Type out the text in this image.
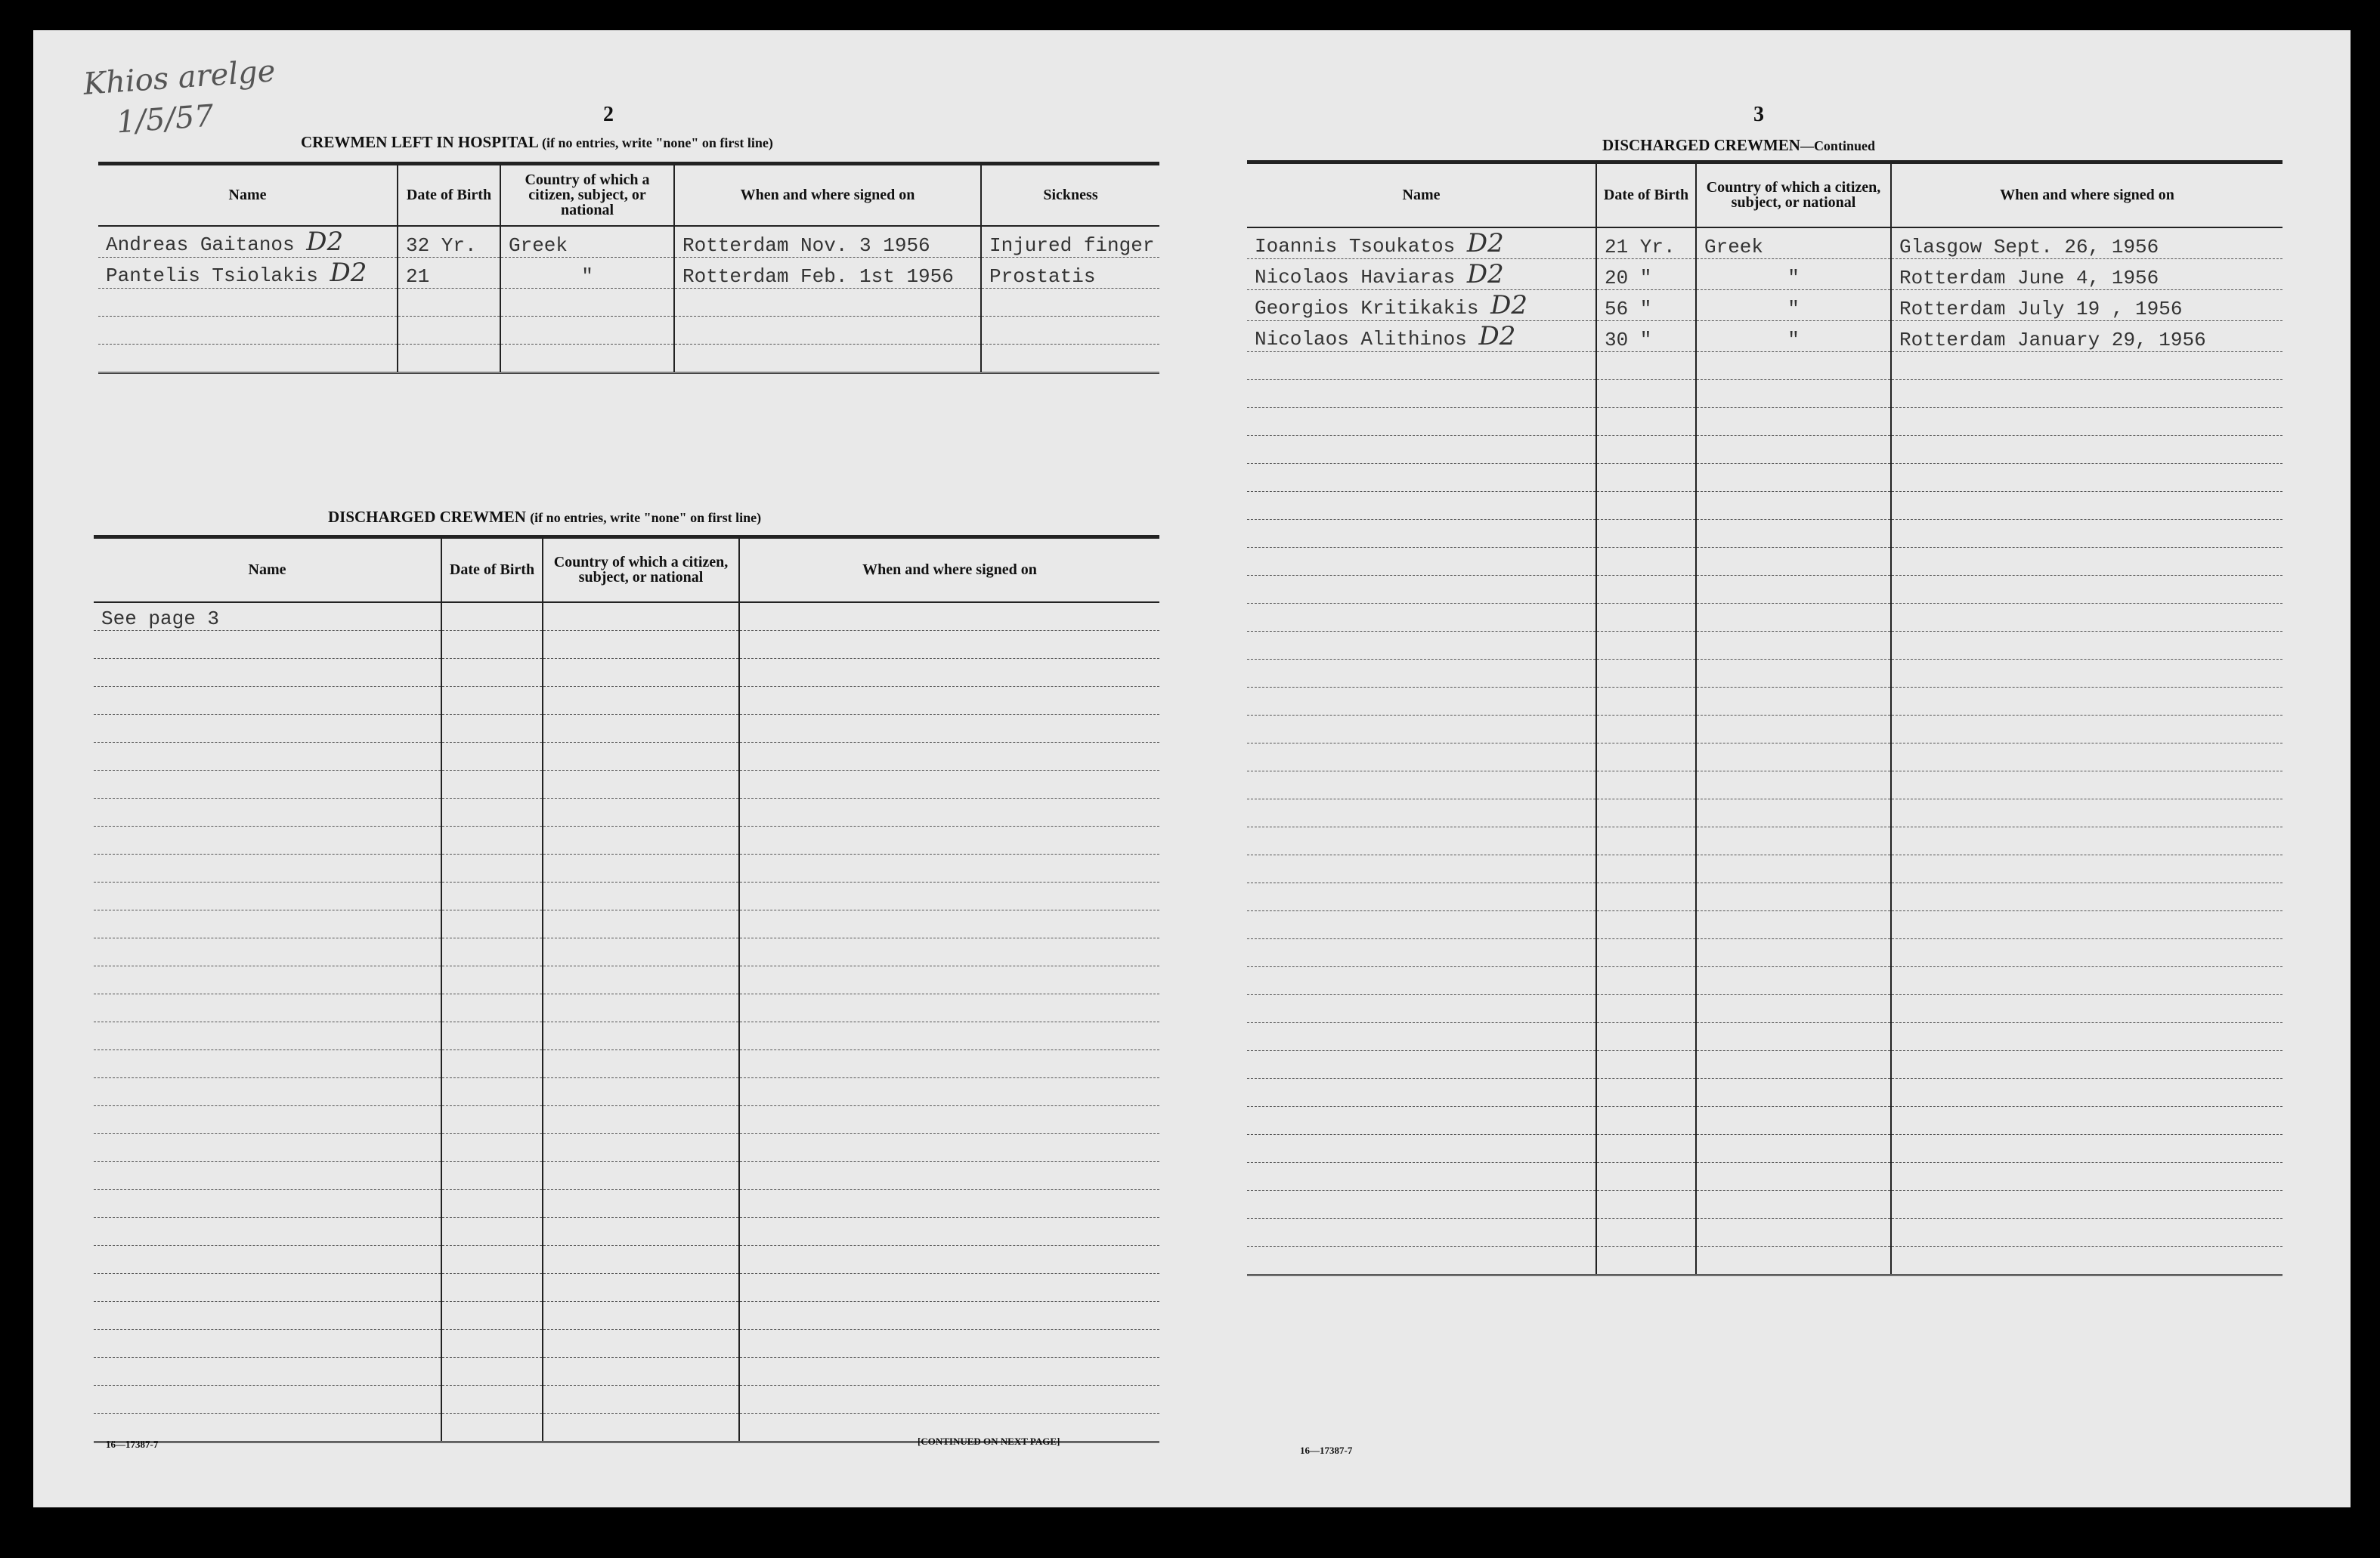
Khios arelge
1/5/57	2
CREWMEN LEFT IN HOSPITAL (if no entries, write "none" on first line)
Name	Date of Birth	Country of which a citizen, subject, or national	When and where signed on	Sickness
Andreas Gaitanos D2	32 Yr.	Greek	Rotterdam Nov. 3 1956	Injured finger
Pantelis Tsiolakis D2	21	"	Rotterdam Feb. 1st 1956	Prostatis

DISCHARGED CREWMEN (if no entries, write "none" on first line)
Name	Date of Birth	Country of which a citizen, subject, or national	When and where signed on
See page 3			

16—17387-7	[CONTINUED ON NEXT PAGE]
3
DISCHARGED CREWMEN—Continued
Name	Date of Birth	Country of which a citizen, subject, or national	When and where signed on
Ioannis Tsoukatos D2	21 Yr.	Greek	Glasgow Sept. 26, 1956
Nicolaos Haviaras D2	20 "	"	Rotterdam June 4, 1956
Georgios Kritikakis D2	56 "	"	Rotterdam July 19 , 1956
Nicolaos Alithinos D2	30 "	"	Rotterdam January 29, 1956

16—17387-7
